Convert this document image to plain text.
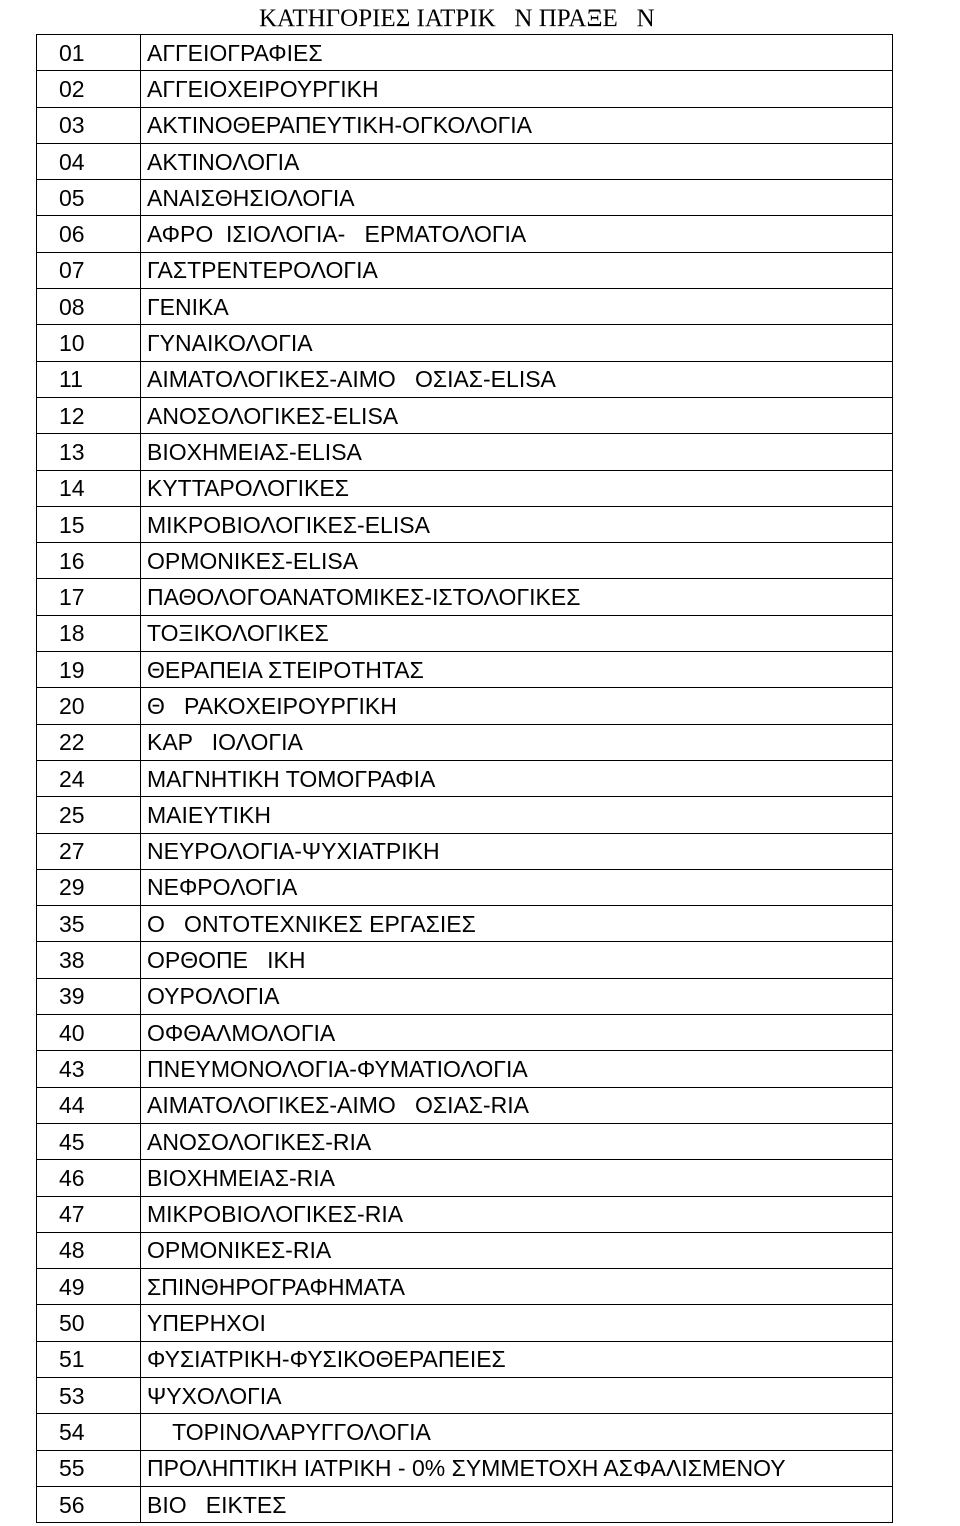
ΚΑΤΗΓΟΡΙΕΣ ΙΑΤΡΙΚ   Ν ΠΡΑΞΕ   Ν
01	ΑΓΓΕΙΟΓΡΑΦΙΕΣ
02	ΑΓΓΕΙΟΧΕΙΡΟΥΡΓΙΚΗ
03	ΑΚΤΙΝΟΘΕΡΑΠΕΥΤΙΚΗ-ΟΓΚΟΛΟΓΙΑ
04	ΑΚΤΙΝΟΛΟΓΙΑ
05	ΑΝΑΙΣΘΗΣΙΟΛΟΓΙΑ
06	ΑΦΡΟ  ΙΣΙΟΛΟΓΙΑ-   ΕΡΜΑΤΟΛΟΓΙΑ
07	ΓΑΣΤΡΕΝΤΕΡΟΛΟΓΙΑ
08	ΓΕΝΙΚΑ
10	ΓΥΝΑΙΚΟΛΟΓΙΑ
11	ΑΙΜΑΤΟΛΟΓΙΚΕΣ-ΑΙΜΟ   ΟΣΙΑΣ-ELISA
12	ΑΝΟΣΟΛΟΓΙΚΕΣ-ELISA
13	ΒΙΟΧΗΜΕΙΑΣ-ELISA
14	ΚΥΤΤΑΡΟΛΟΓΙΚΕΣ
15	ΜΙΚΡΟΒΙΟΛΟΓΙΚΕΣ-ELISA
16	ΟΡΜΟΝΙΚΕΣ-ELISA
17	ΠΑΘΟΛΟΓΟΑΝΑΤΟΜΙΚΕΣ-ΙΣΤΟΛΟΓΙΚΕΣ
18	ΤΟΞΙΚΟΛΟΓΙΚΕΣ
19	ΘΕΡΑΠΕΙΑ ΣΤΕΙΡΟΤΗΤΑΣ
20	Θ   ΡΑΚΟΧΕΙΡΟΥΡΓΙΚΗ
22	ΚΑΡ   ΙΟΛΟΓΙΑ
24	ΜΑΓΝΗΤΙΚΗ ΤΟΜΟΓΡΑΦΙΑ
25	ΜΑΙΕΥΤΙΚΗ
27	ΝΕΥΡΟΛΟΓΙΑ-ΨΥΧΙΑΤΡΙΚΗ
29	ΝΕΦΡΟΛΟΓΙΑ
35	Ο   ΟΝΤΟΤΕΧΝΙΚΕΣ ΕΡΓΑΣΙΕΣ
38	ΟΡΘΟΠΕ   ΙΚΗ
39	ΟΥΡΟΛΟΓΙΑ
40	ΟΦΘΑΛΜΟΛΟΓΙΑ
43	ΠΝΕΥΜΟΝΟΛΟΓΙΑ-ΦΥΜΑΤΙΟΛΟΓΙΑ
44	ΑΙΜΑΤΟΛΟΓΙΚΕΣ-ΑΙΜΟ   ΟΣΙΑΣ-RIA
45	ΑΝΟΣΟΛΟΓΙΚΕΣ-RIA
46	ΒΙΟΧΗΜΕΙΑΣ-RIA
47	ΜΙΚΡΟΒΙΟΛΟΓΙΚΕΣ-RIA
48	ΟΡΜΟΝΙΚΕΣ-RIA
49	ΣΠΙΝΘΗΡΟΓΡΑΦΗΜΑΤΑ
50	ΥΠΕΡΗΧΟΙ
51	ΦΥΣΙΑΤΡΙΚΗ-ΦΥΣΙΚΟΘΕΡΑΠΕΙΕΣ
53	ΨΥΧΟΛΟΓΙΑ
54	ΤΟΡΙΝΟΛΑΡΥΓΓΟΛΟΓΙΑ
55	ΠΡΟΛΗΠΤΙΚΗ ΙΑΤΡΙΚΗ - 0% ΣΥΜΜΕΤΟΧΗ ΑΣΦΑΛΙΣΜΕΝΟΥ
56	ΒΙΟ   ΕΙΚΤΕΣ
